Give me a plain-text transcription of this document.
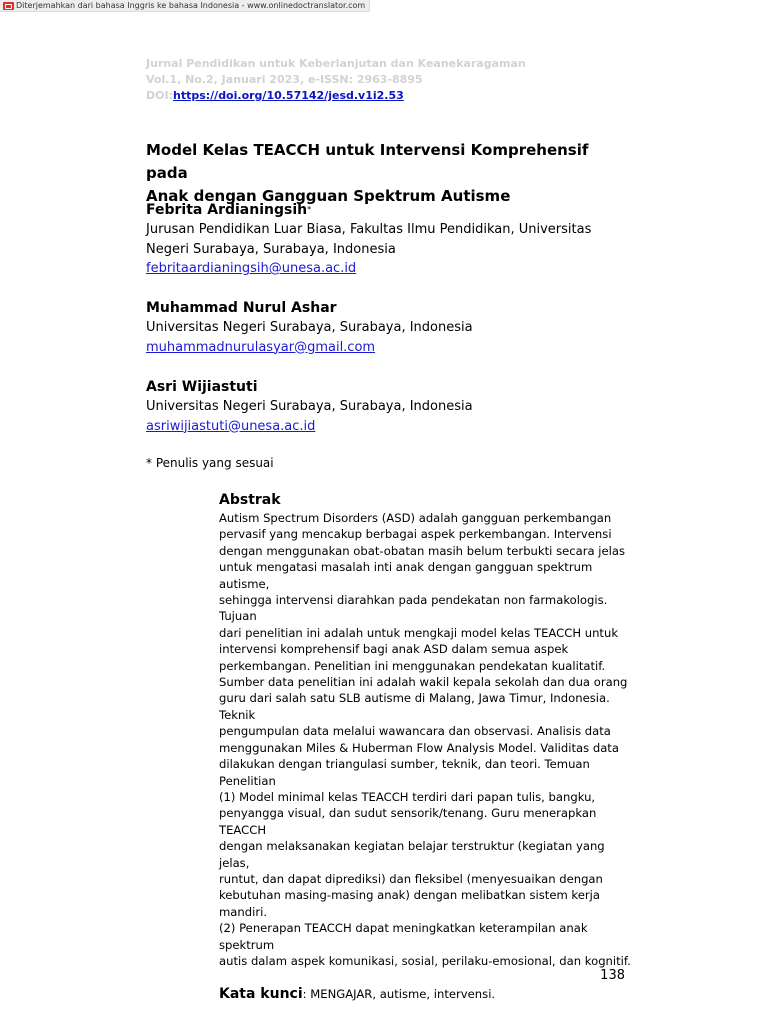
Diterjemahkan dari bahasa Inggris ke bahasa Indonesia - www.onlinedoctranslator.com
Jurnal Pendidikan untuk Keberlanjutan dan Keanekaragaman
Vol.1, No.2, Januari 2023, e-ISSN: 2963-8895
DOI:https://doi.org/10.57142/jesd.v1i2.53
Model Kelas TEACCH untuk Intervensi Komprehensif pada
Anak dengan Gangguan Spektrum Autisme
Febrita Ardianingsih*
Jurusan Pendidikan Luar Biasa, Fakultas Ilmu Pendidikan, Universitas
Negeri Surabaya, Surabaya, Indonesia
febritaardianingsih@unesa.ac.id
Muhammad Nurul Ashar
Universitas Negeri Surabaya, Surabaya, Indonesia
muhammadnurulasyar@gmail.com
Asri Wijiastuti
Universitas Negeri Surabaya, Surabaya, Indonesia
asriwijiastuti@unesa.ac.id
* Penulis yang sesuai
Abstrak
Autism Spectrum Disorders (ASD) adalah gangguan perkembangan
pervasif yang mencakup berbagai aspek perkembangan. Intervensi
dengan menggunakan obat-obatan masih belum terbukti secara jelas
untuk mengatasi masalah inti anak dengan gangguan spektrum autisme,
sehingga intervensi diarahkan pada pendekatan non farmakologis. Tujuan
dari penelitian ini adalah untuk mengkaji model kelas TEACCH untuk
intervensi komprehensif bagi anak ASD dalam semua aspek
perkembangan. Penelitian ini menggunakan pendekatan kualitatif.
Sumber data penelitian ini adalah wakil kepala sekolah dan dua orang
guru dari salah satu SLB autisme di Malang, Jawa Timur, Indonesia. Teknik
pengumpulan data melalui wawancara dan observasi. Analisis data
menggunakan Miles & Huberman Flow Analysis Model. Validitas data
dilakukan dengan triangulasi sumber, teknik, dan teori. Temuan Penelitian
(1) Model minimal kelas TEACCH terdiri dari papan tulis, bangku,
penyangga visual, dan sudut sensorik/tenang. Guru menerapkan TEACCH
dengan melaksanakan kegiatan belajar terstruktur (kegiatan yang jelas,
runtut, dan dapat diprediksi) dan fleksibel (menyesuaikan dengan
kebutuhan masing-masing anak) dengan melibatkan sistem kerja mandiri.
(2) Penerapan TEACCH dapat meningkatkan keterampilan anak spektrum
autis dalam aspek komunikasi, sosial, perilaku-emosional, dan kognitif.
Kata kunci: MENGAJAR, autisme, intervensi.
138
